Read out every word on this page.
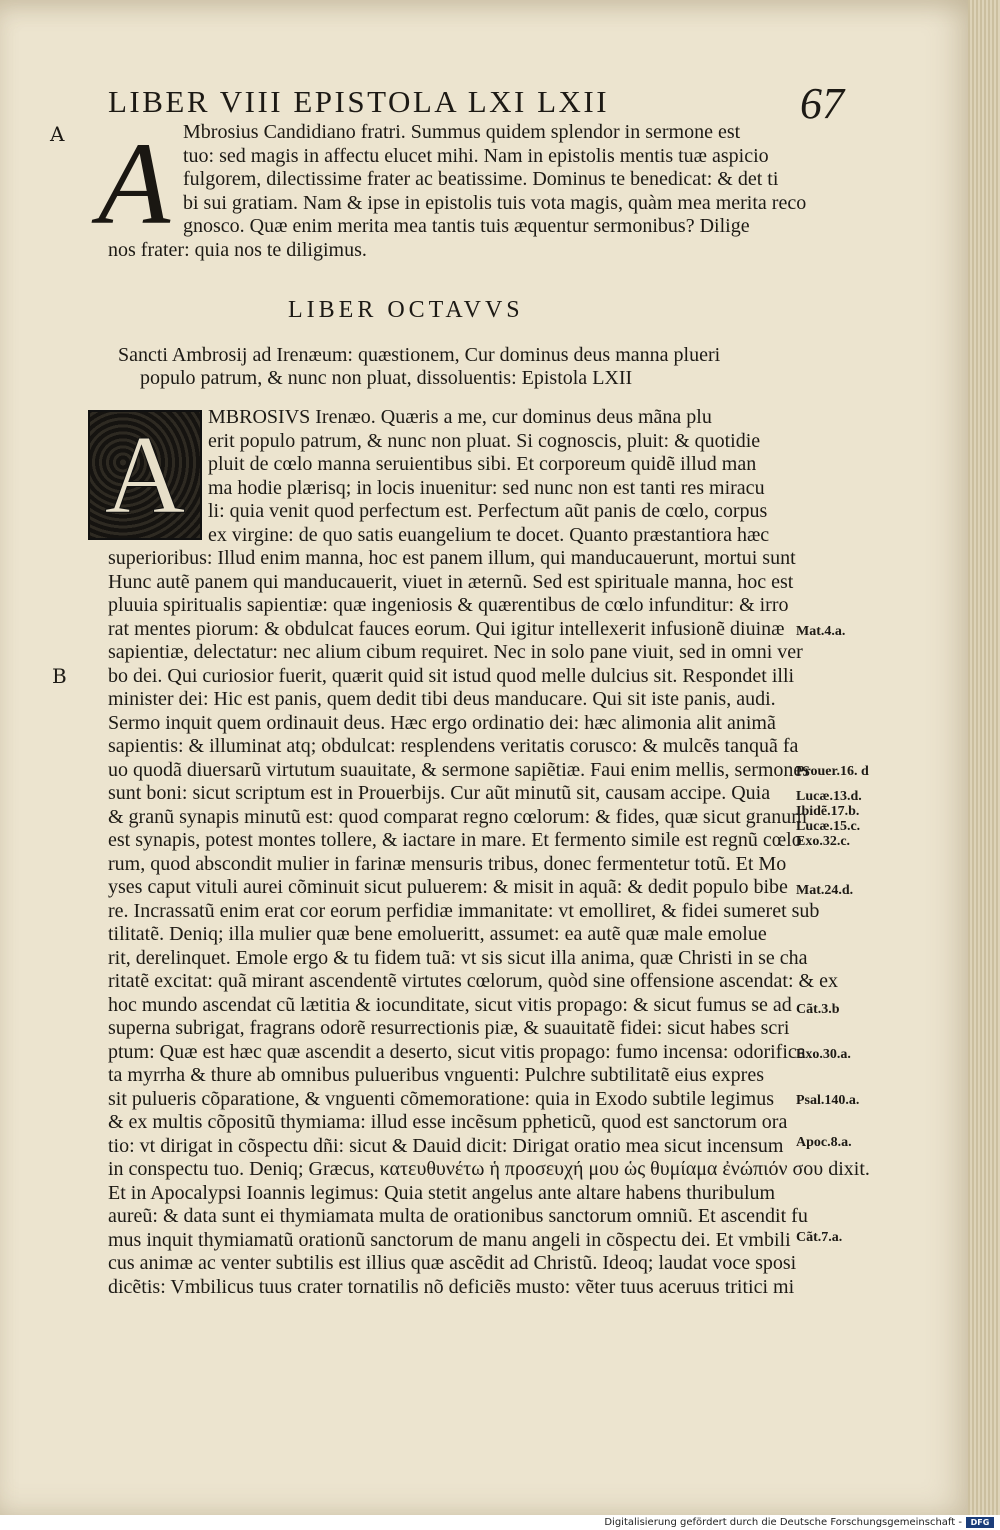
LIBER VIII EPISTOLA LXI LXII	67
A
B
A Mbrosius Candidiano fratri. Summus quidem splendor in sermone est
tuo: sed magis in affectu elucet mihi. Nam in epistolis mentis tuæ aspicio
fulgorem, dilectissime frater ac beatissime. Dominus te benedicat: & det ti
bi sui gratiam. Nam & ipse in epistolis tuis vota magis, quàm mea merita reco
gnosco. Quæ enim merita mea tantis tuis æquentur sermonibus? Dilige
nos frater: quia nos te diligimus.
LIBER OCTAVVS
Sancti Ambrosij ad Irenæum: quæstionem, Cur dominus deus manna plueri
populo patrum, & nunc non pluat, dissoluentis: Epistola LXII
A	MBROSIVS Irenæo. Quæris a me, cur dominus deus mãna plu
erit populo patrum, & nunc non pluat. Si cognoscis, pluit: & quotidie
pluit de cœlo manna seruientibus sibi. Et corporeum quidẽ illud man
ma hodie plærisq; in locis inuenitur: sed nunc non est tanti res miracu
li: quia venit quod perfectum est. Perfectum aũt panis de cœlo, corpus
ex virgine: de quo satis euangelium te docet. Quanto præstantiora hæc
superioribus: Illud enim manna, hoc est panem illum, qui manducauerunt, mortui sunt
Hunc autẽ panem qui manducauerit, viuet in æternũ. Sed est spirituale manna, hoc est
pluuia spiritualis sapientiæ: quæ ingeniosis & quærentibus de cœlo infunditur: & irro
rat mentes piorum: & obdulcat fauces eorum. Qui igitur intellexerit infusionẽ diuinæ
sapientiæ, delectatur: nec alium cibum requiret. Nec in solo pane viuit, sed in omni ver
bo dei. Qui curiosior fuerit, quærit quid sit istud quod melle dulcius sit. Respondet illi
minister dei: Hic est panis, quem dedit tibi deus manducare. Qui sit iste panis, audi.
Sermo inquit quem ordinauit deus. Hæc ergo ordinatio dei: hæc alimonia alit animã
sapientis: & illuminat atq; obdulcat: resplendens veritatis corusco: & mulcẽs tanquã fa
uo quodã diuersarũ virtutum suauitate, & sermone sapiẽtiæ. Faui enim mellis, sermones
sunt boni: sicut scriptum est in Prouerbijs. Cur aũt minutũ sit, causam accipe. Quia
& granũ synapis minutũ est: quod comparat regno cœlorum: & fides, quæ sicut granum
est synapis, potest montes tollere, & iactare in mare. Et fermento simile est regnũ cœlo
rum, quod abscondit mulier in farinæ mensuris tribus, donec fermentetur totũ. Et Mo
yses caput vituli aurei cõminuit sicut puluerem: & misit in aquã: & dedit populo bibe
re. Incrassatũ enim erat cor eorum perfidiæ immanitate: vt emolliret, & fidei sumeret sub
tilitatẽ. Deniq; illa mulier quæ bene emolueritt, assumet: ea autẽ quæ male emolue
rit, derelinquet. Emole ergo & tu fidem tuã: vt sis sicut illa anima, quæ Christi in se cha
ritatẽ excitat: quã mirant ascendentẽ virtutes cœlorum, quòd sine offensione ascendat: & ex
hoc mundo ascendat cũ lætitia & iocunditate, sicut vitis propago: & sicut fumus se ad
superna subrigat, fragrans odorẽ resurrectionis piæ, & suauitatẽ fidei: sicut habes scri
ptum: Quæ est hæc quæ ascendit a deserto, sicut vitis propago: fumo incensa: odorifica
ta myrrha & thure ab omnibus pulueribus vnguenti: Pulchre subtilitatẽ eius expres
sit pulueris cõparatione, & vnguenti cõmemoratione: quia in Exodo subtile legimus
& ex multis cõpositũ thymiama: illud esse incẽsum ppheticũ, quod est sanctorum ora
tio: vt dirigat in cõspectu dñi: sicut & Dauid dicit: Dirigat oratio mea sicut incensum
in conspectu tuo. Deniq; Græcus, κατευθυνέτω ἡ προσευχή μου ὡς θυμίαμα ἐνώπιόν σου dixit.
Et in Apocalypsi Ioannis legimus: Quia stetit angelus ante altare habens thuribulum
aureũ: & data sunt ei thymiamata multa de orationibus sanctorum omniũ. Et ascendit fu
mus inquit thymiamatũ orationũ sanctorum de manu angeli in cõspectu dei. Et vmbili
cus animæ ac venter subtilis est illius quæ ascẽdit ad Christũ. Ideoq; laudat voce sposi
dicẽtis: Vmbilicus tuus crater tornatilis nõ deficiẽs musto: vẽter tuus aceruus tritici mi
Mat.4.a.
Prouer.16. d
Lucæ.13.d.
Ibidẽ.17.b.
Lucæ.15.c.
Exo.32.c.
Mat.24.d.
Cãt.3.b
Exo.30.a.
Psal.140.a.
Apoc.8.a.
Cãt.7.a.
Digitalisierung gefördert durch die Deutsche Forschungsgemeinschaft -	DFG
